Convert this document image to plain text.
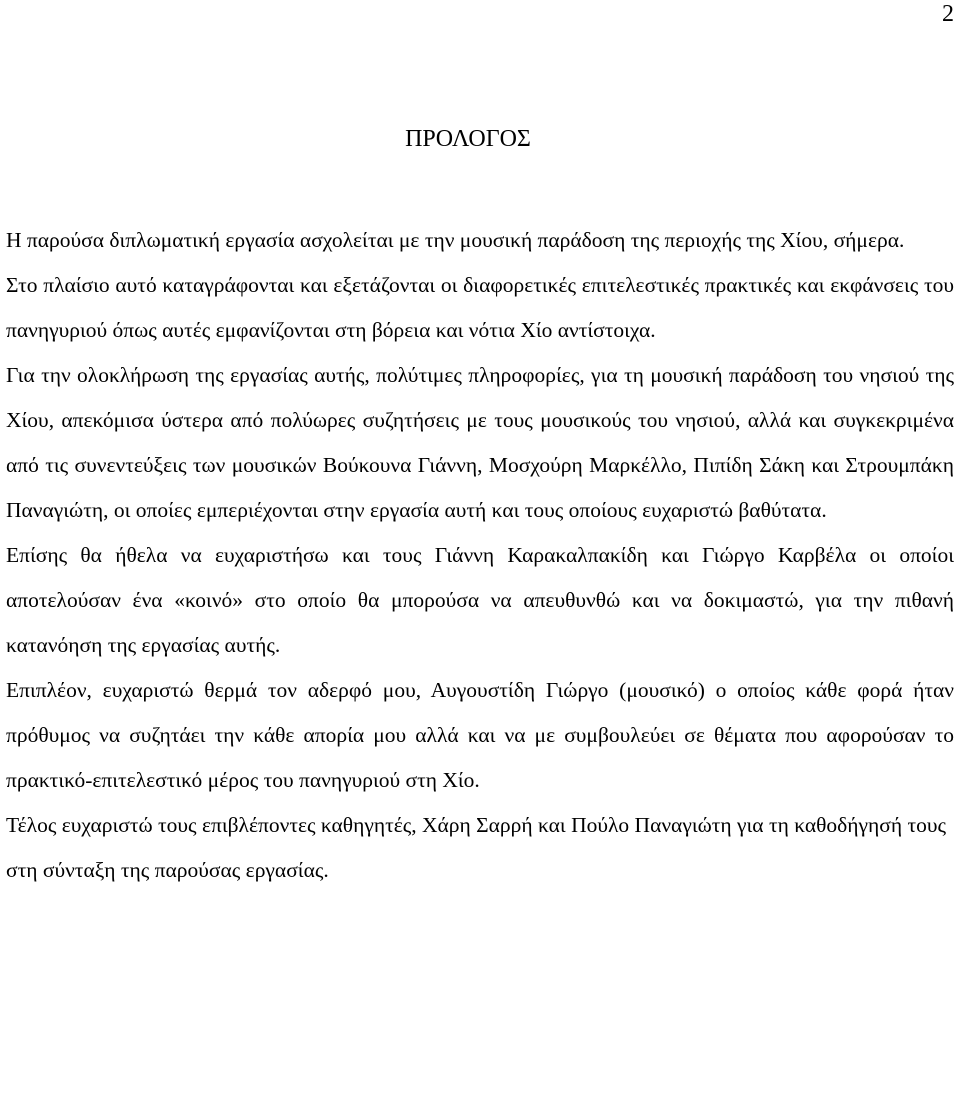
2
ΠΡΟΛΟΓΟΣ

Η παρούσα διπλωματική εργασία ασχολείται με την μουσική παράδοση της περιοχής της Χίου, σήμερα.

Στο πλαίσιο αυτό καταγράφονται και εξετάζονται οι διαφορετικές επιτελεστικές πρακτικές και εκφάνσεις του πανηγυριού όπως αυτές εμφανίζονται στη βόρεια και νότια Χίο αντίστοιχα.

Για την ολοκλήρωση της εργασίας αυτής, πολύτιμες πληροφορίες, για τη μουσική παράδοση του νησιού της Χίου, απεκόμισα ύστερα από πολύωρες συζητήσεις με τους μουσικούς του νησιού, αλλά και συγκεκριμένα από τις συνεντεύξεις των μουσικών Βούκουνα Γιάννη, Μοσχούρη Μαρκέλλο, Πιπίδη Σάκη και Στρουμπάκη Παναγιώτη, οι οποίες εμπεριέχονται στην εργασία αυτή και τους οποίους ευχαριστώ βαθύτατα.

Επίσης θα ήθελα να ευχαριστήσω και τους Γιάννη Καρακαλπακίδη και Γιώργο Καρβέλα οι οποίοι αποτελούσαν ένα «κοινό» στο οποίο θα μπορούσα να απευθυνθώ και να δοκιμαστώ, για την πιθανή κατανόηση της εργασίας αυτής.

Επιπλέον, ευχαριστώ θερμά τον αδερφό μου, Αυγουστίδη Γιώργο (μουσικό) ο οποίος κάθε φορά ήταν πρόθυμος να συζητάει την κάθε απορία μου αλλά και να με συμβουλεύει σε θέματα που αφορούσαν το πρακτικό-επιτελεστικό μέρος του πανηγυριού στη Χίο.

Τέλος ευχαριστώ τους επιβλέποντες καθηγητές, Χάρη Σαρρή και Πούλο Παναγιώτη για τη καθοδήγησή τους στη σύνταξη της παρούσας εργασίας.
